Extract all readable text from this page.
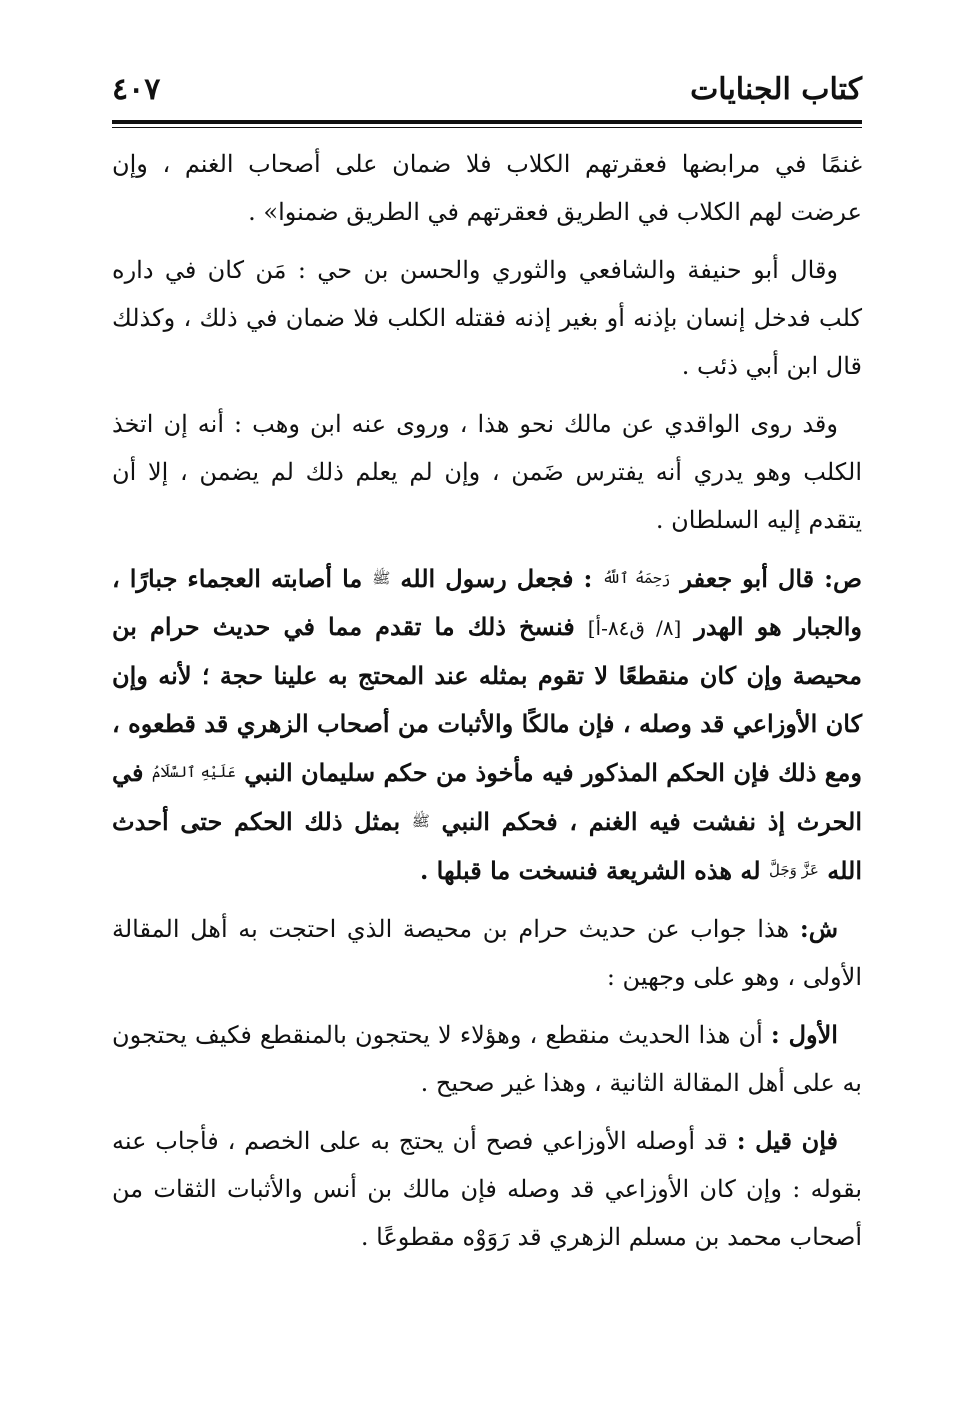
كتاب الجنايات
٤٠٧

غنمًا في مرابضها فعقرتهم الكلاب فلا ضمان على أصحاب الغنم ، وإن عرضت لهم الكلاب في الطريق فعقرتهم في الطريق ضمنوا» .

وقال أبو حنيفة والشافعي والثوري والحسن بن حي : مَن كان في داره كلب فدخل إنسان بإذنه أو بغير إذنه فقتله الكلب فلا ضمان في ذلك ، وكذلك قال ابن أبي ذئب .

وقد روى الواقدي عن مالك نحو هذا ، وروى عنه ابن وهب : أنه إن اتخذ الكلب وهو يدري أنه يفترس ضَمن ، وإن لم يعلم ذلك لم يضمن ، إلا أن يتقدم إليه السلطان .

ص: قال أبو جعفر رَحِمَهُ ٱللَّهُ : فجعل رسول الله ﷺ ما أصابته العجماء جبارًا ، والجبار هو الهدر [٨/ ق٨٤-أ] فنسخ ذلك ما تقدم مما في حديث حرام بن محيصة وإن كان منقطعًا لا تقوم بمثله عند المحتج به علينا حجة ؛ لأنه وإن كان الأوزاعي قد وصله ، فإن مالكًا والأثبات من أصحاب الزهري قد قطعوه ، ومع ذلك فإن الحكم المذكور فيه مأخوذ من حكم سليمان النبي عَلَيْهِ ٱلسَّلَامُ في الحرث إذ نفشت فيه الغنم ، فحكم النبي ﷺ بمثل ذلك الحكم حتى أحدث الله عَزَّ وَجَلَّ له هذه الشريعة فنسخت ما قبلها .

ش: هذا جواب عن حديث حرام بن محيصة الذي احتجت به أهل المقالة الأولى ، وهو على وجهين :

الأول : أن هذا الحديث منقطع ، وهؤلاء لا يحتجون بالمنقطع فكيف يحتجون به على أهل المقالة الثانية ، وهذا غير صحيح .

فإن قيل : قد أوصله الأوزاعي فصح أن يحتج به على الخصم ، فأجاب عنه بقوله : وإن كان الأوزاعي قد وصله فإن مالك بن أنس والأثبات الثقات من أصحاب محمد بن مسلم الزهري قد رَوَوْه مقطوعًا .
